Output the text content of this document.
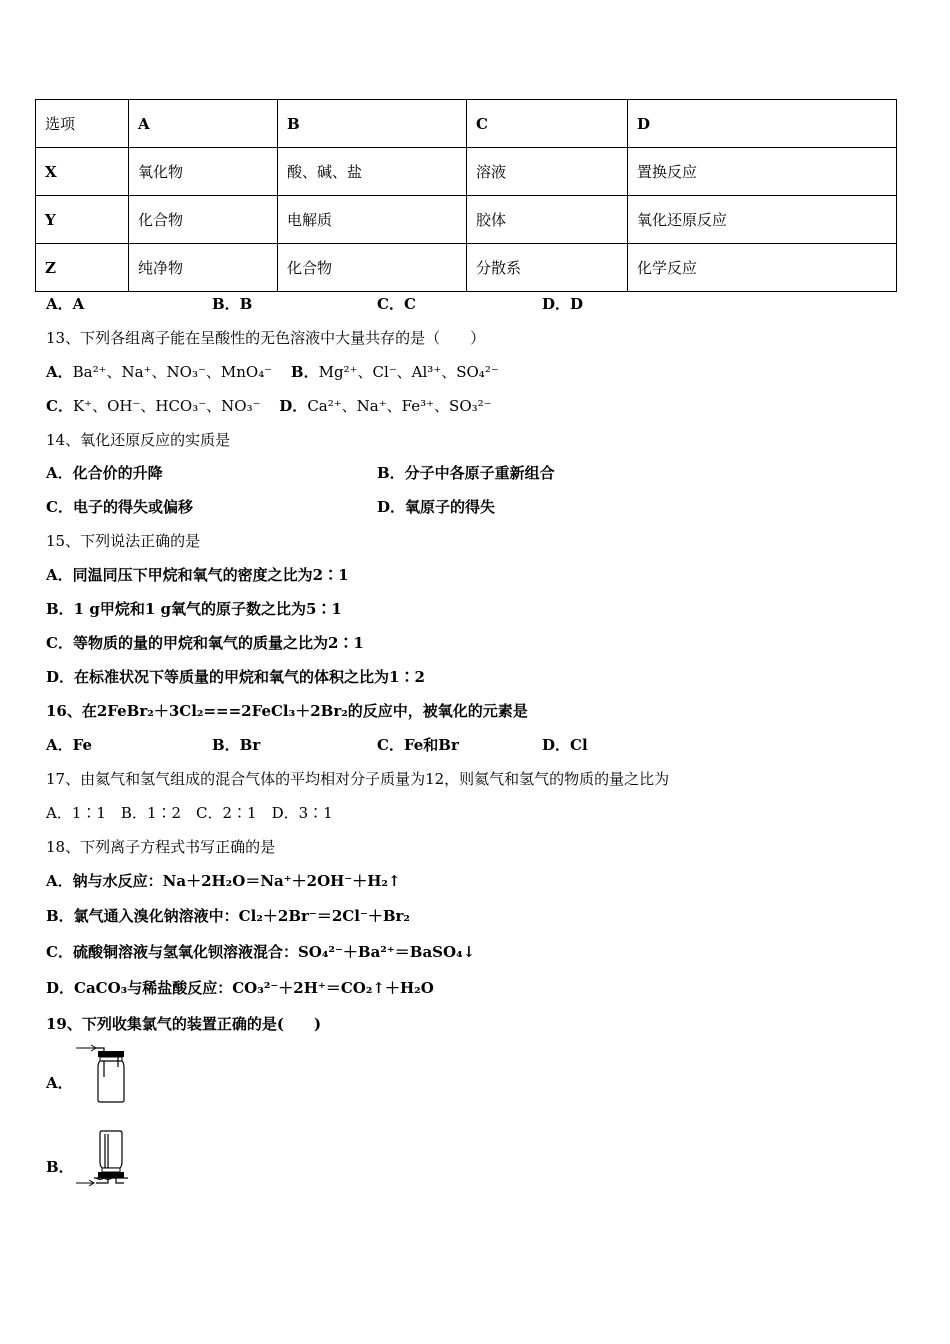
选项	A	B	C	D
X	氧化物	酸、碱、盐	溶液	置换反应
Y	化合物	电解质	胶体	氧化还原反应
Z	纯净物	化合物	分散系	化学反应
A．A	B．B	C．C	D．D
13、下列各组离子能在呈酸性的无色溶液中大量共存的是（　　）
A．Ba²⁺、Na⁺、NO₃⁻、MnO₄⁻ B．Mg²⁺、Cl⁻、Al³⁺、SO₄²⁻
C．K⁺、OH⁻、HCO₃⁻、NO₃⁻ D．Ca²⁺、Na⁺、Fe³⁺、SO₃²⁻
14、氧化还原反应的实质是
A．化合价的升降	B．分子中各原子重新组合
C．电子的得失或偏移	D．氧原子的得失
15、下列说法正确的是
A．同温同压下甲烷和氧气的密度之比为2∶1
B．1 g甲烷和1 g氧气的原子数之比为5∶1
C．等物质的量的甲烷和氧气的质量之比为2∶1
D．在标准状况下等质量的甲烷和氧气的体积之比为1∶2
16、在2FeBr₂＋3Cl₂===2FeCl₃＋2Br₂的反应中，被氧化的元素是
A．Fe	B．Br	C．Fe和Br	D．Cl
17、由氦气和氢气组成的混合气体的平均相对分子质量为12，则氦气和氢气的物质的量之比为
A．1∶1　B．1∶2　C．2∶1　D．3∶1
18、下列离子方程式书写正确的是
A．钠与水反应：Na＋2H₂O＝Na⁺＋2OH⁻＋H₂↑
B．氯气通入溴化钠溶液中：Cl₂＋2Br⁻＝2Cl⁻＋Br₂
C．硫酸铜溶液与氢氧化钡溶液混合：SO₄²⁻＋Ba²⁺＝BaSO₄↓
D．CaCO₃与稀盐酸反应：CO₃²⁻＋2H⁺＝CO₂↑＋H₂O
19、下列收集氯气的装置正确的是(　　)
A．
B．
